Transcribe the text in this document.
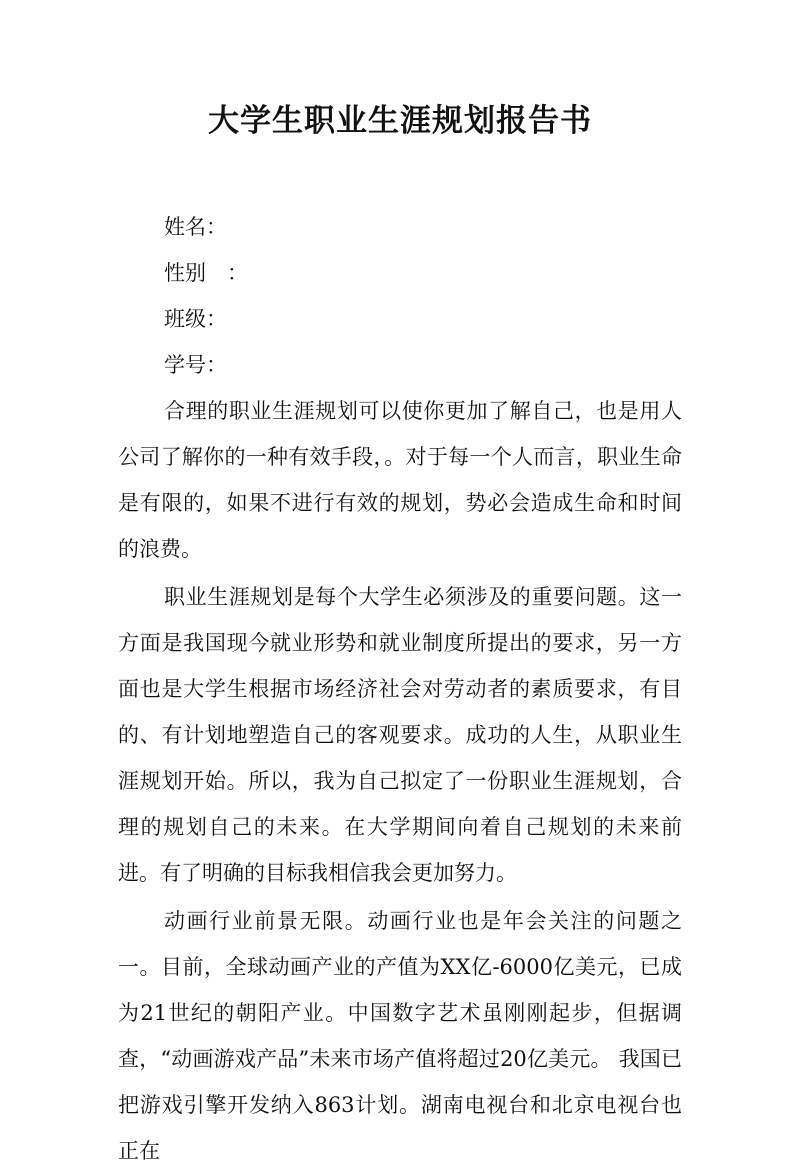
大学生职业生涯规划报告书

姓名：

性别　：

班级：

学号：

合理的职业生涯规划可以使你更加了解自己，也是用人公司了解你的一种有效手段，。对于每一个人而言，职业生命是有限的，如果不进行有效的规划，势必会造成生命和时间的浪费。

职业生涯规划是每个大学生必须涉及的重要问题。这一方面是我国现今就业形势和就业制度所提出的要求，另一方面也是大学生根据市场经济社会对劳动者的素质要求，有目的、有计划地塑造自己的客观要求。成功的人生，从职业生涯规划开始。所以，我为自己拟定了一份职业生涯规划，合理的规划自己的未来。在大学期间向着自己规划的未来前进。有了明确的目标我相信我会更加努力。

动画行业前景无限。动画行业也是年会关注的问题之一。目前，全球动画产业的产值为XX亿-6000亿美元，已成为21世纪的朝阳产业。中国数字艺术虽刚刚起步，但据调查，“动画游戏产品”未来市场产值将超过20亿美元。 我国已把游戏引擎开发纳入863计划。湖南电视台和北京电视台也正在
